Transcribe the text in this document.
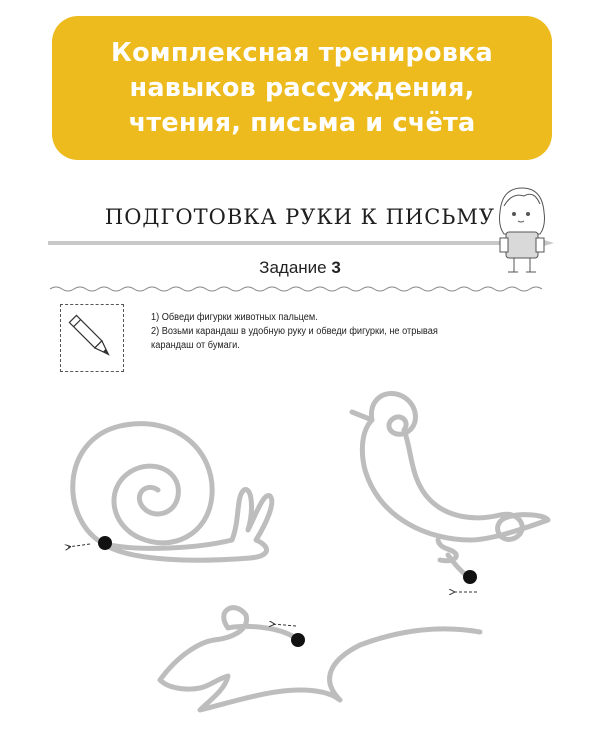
Комплексная тренировка
навыков рассуждения,
чтения, письма и счёта
ПОДГОТОВКА РУКИ К ПИСЬМУ
Задание 3
1) Обведи фигурки животных пальцем.
2) Возьми карандаш в удобную руку и обведи фигурки, не отрывая
карандаш от бумаги.
